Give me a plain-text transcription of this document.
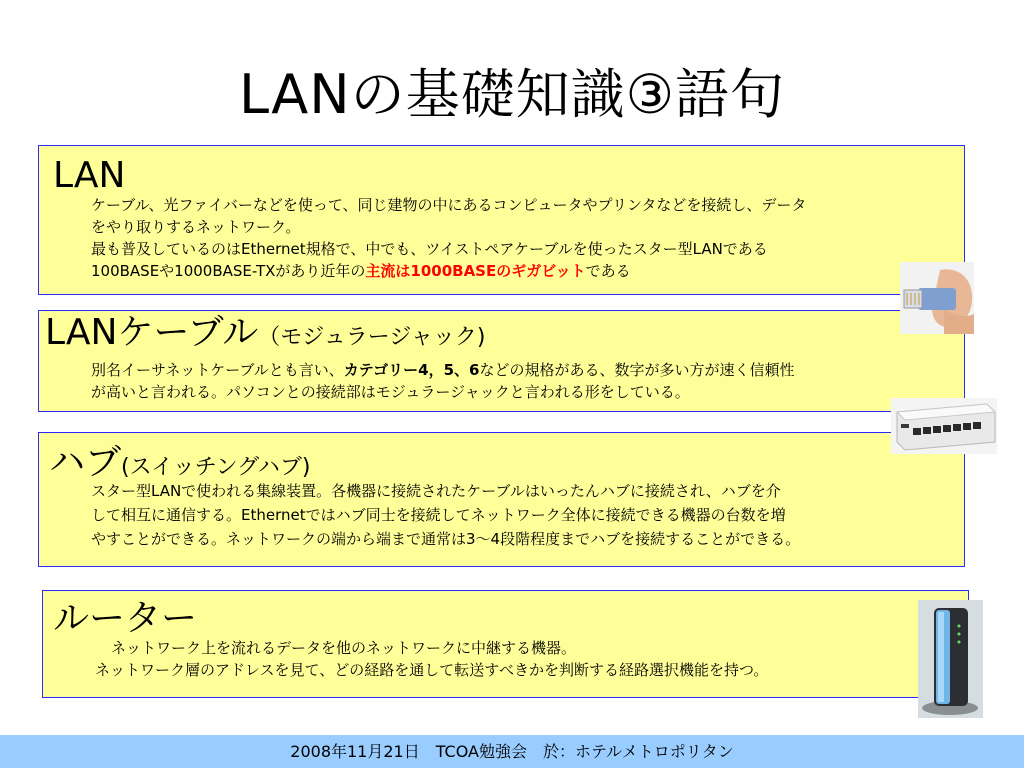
LANの基礎知識③語句
LAN
ケーブル、光ファイバーなどを使って、同じ建物の中にあるコンピュータやプリンタなどを接続し、データ
をやり取りするネットワーク。
最も普及しているのはEthernet規格で、中でも、ツイストペアケーブルを使ったスター型LANである
100BASEや1000BASE-TXがあり近年の主流は1000BASEのギガビットである
LANケーブル（モジュラージャック)
別名イーサネットケーブルとも言い、カテゴリー4，5、6などの規格がある、数字が多い方が速く信頼性
が高いと言われる。パソコンとの接続部はモジュラージャックと言われる形をしている。
ハブ(スイッチングハブ)
スター型LANで使われる集線装置。各機器に接続されたケーブルはいったんハブに接続され、ハブを介
して相互に通信する。Ethernetではハブ同士を接続してネットワーク全体に接続できる機器の台数を増
やすことができる。ネットワークの端から端まで通常は3～4段階程度までハブを接続することができる。
ルーター
ネットワーク上を流れるデータを他のネットワークに中継する機器。
ネットワーク層のアドレスを見て、どの経路を通して転送すべきかを判断する経路選択機能を持つ。
2008年11月21日　TCOA勉強会　於：ホテルメトロポリタン
